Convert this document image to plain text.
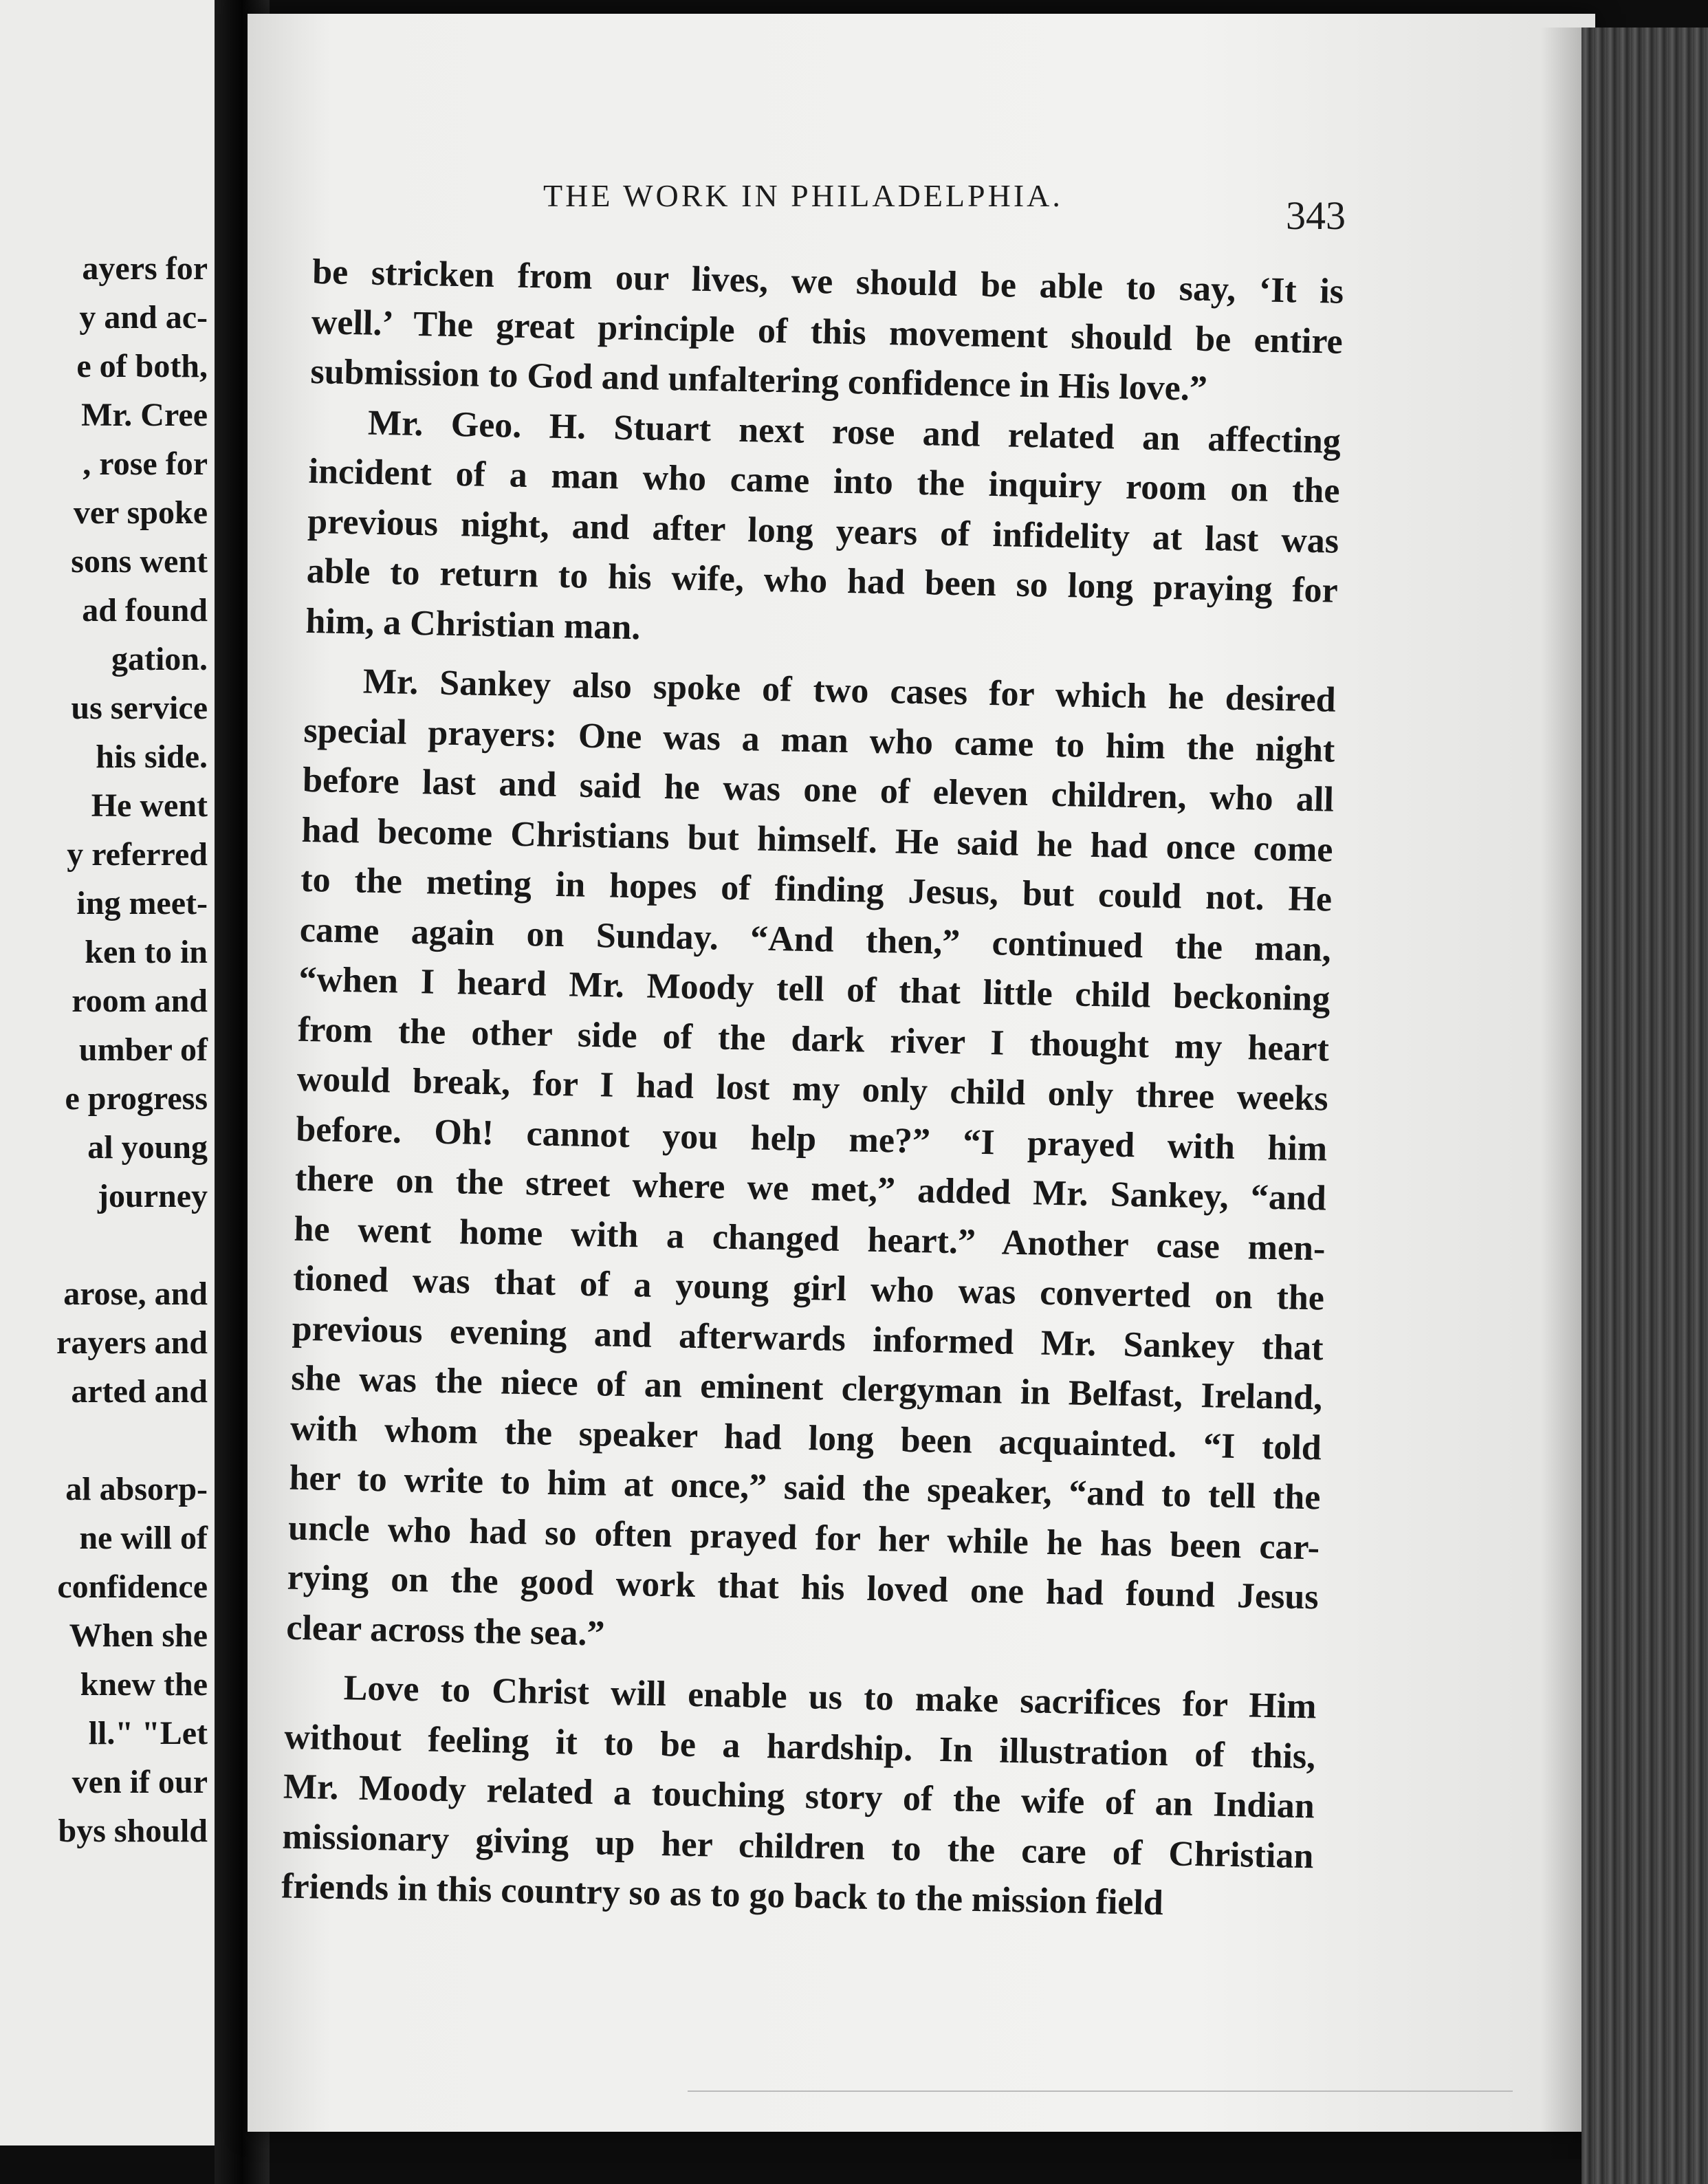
ayers for
y and ac-
e of both,
Mr. Cree
, rose for
ver spoke
sons went
ad found
gation.
us service
his side.
He went
y referred
ing meet-
ken to in
room and
umber of
e progress
al young
journey
arose, and
rayers and
arted and
al absorp-
ne will of
confidence
When she
knew the
ll." "Let
ven if our
bys should
THE WORK IN PHILADELPHIA.	343
be stricken from our lives, we should be able to say, ‘It is
well.’ The great principle of this movement should be entire
submission to God and unfaltering confidence in His love.”
Mr. Geo. H. Stuart next rose and related an affecting
incident of a man who came into the inquiry room on the
previous night, and after long years of infidelity at last was
able to return to his wife, who had been so long praying for
him, a Christian man.
Mr. Sankey also spoke of two cases for which he desired
special prayers: One was a man who came to him the night
before last and said he was one of eleven children, who all
had become Christians but himself. He said he had once come
to the meting in hopes of finding Jesus, but could not. He
came again on Sunday. “And then,” continued the man,
“when I heard Mr. Moody tell of that little child beckoning
from the other side of the dark river I thought my heart
would break, for I had lost my only child only three weeks
before. Oh! cannot you help me?” “I prayed with him
there on the street where we met,” added Mr. Sankey, “and
he went home with a changed heart.” Another case men-
tioned was that of a young girl who was converted on the
previous evening and afterwards informed Mr. Sankey that
she was the niece of an eminent clergyman in Belfast, Ireland,
with whom the speaker had long been acquainted. “I told
her to write to him at once,” said the speaker, “and to tell the
uncle who had so often prayed for her while he has been car-
rying on the good work that his loved one had found Jesus
clear across the sea.”
Love to Christ will enable us to make sacrifices for Him
without feeling it to be a hardship. In illustration of this,
Mr. Moody related a touching story of the wife of an Indian
missionary giving up her children to the care of Christian
friends in this country so as to go back to the mission field
